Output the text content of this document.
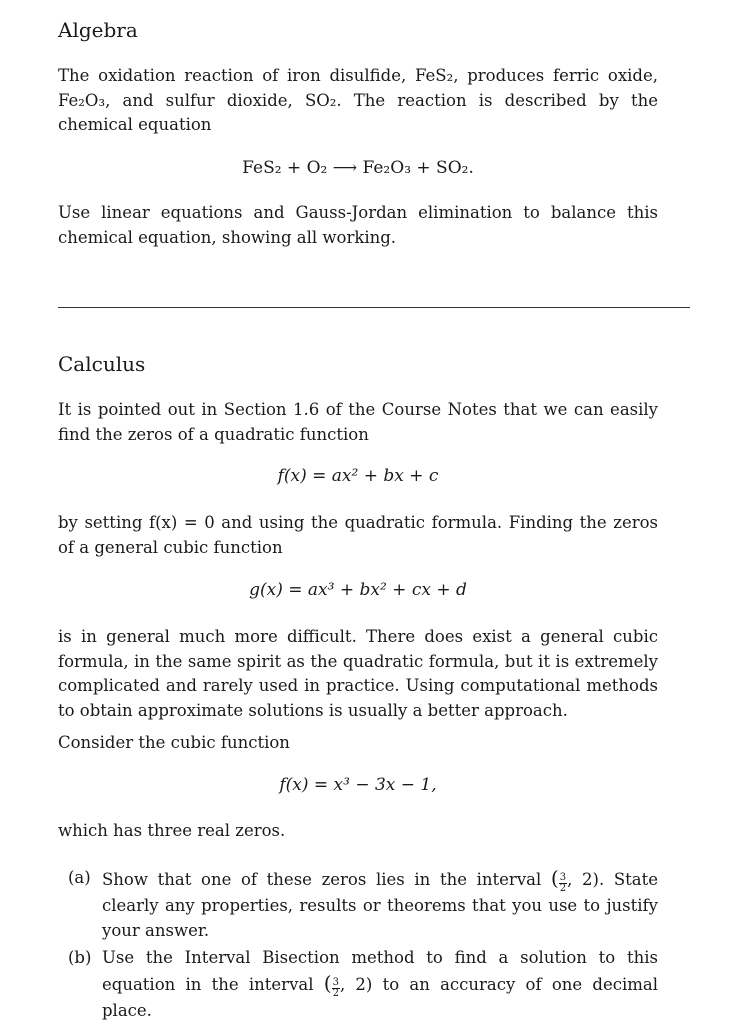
Algebra

The oxidation reaction of iron disulfide, FeS₂, produces ferric oxide, Fe₂O₃, and sulfur dioxide, SO₂. The reaction is described by the chemical equation

FeS₂ + O₂ ⟶ Fe₂O₃ + SO₂.

Use linear equations and Gauss-Jordan elimination to balance this chemical equation, showing all working.

Calculus

It is pointed out in Section 1.6 of the Course Notes that we can easily find the zeros of a quadratic function

f(x) = ax² + bx + c

by setting f(x) = 0 and using the quadratic formula. Finding the zeros of a general cubic function

g(x) = ax³ + bx² + cx + d

is in general much more difficult. There does exist a general cubic formula, in the same spirit as the quadratic formula, but it is extremely complicated and rarely used in practice. Using computational methods to obtain approximate solutions is usually a better approach.

Consider the cubic function

f(x) = x³ − 3x − 1,

which has three real zeros.

(a) Show that one of these zeros lies in the interval ( $\frac{3}{2}$ , 2). State clearly any properties, results or theorems that you use to justify your answer.
(b) Use the Interval Bisection method to find a solution to this equation in the interval ( $\frac{3}{2}$ , 2) to an accuracy of one decimal place.
